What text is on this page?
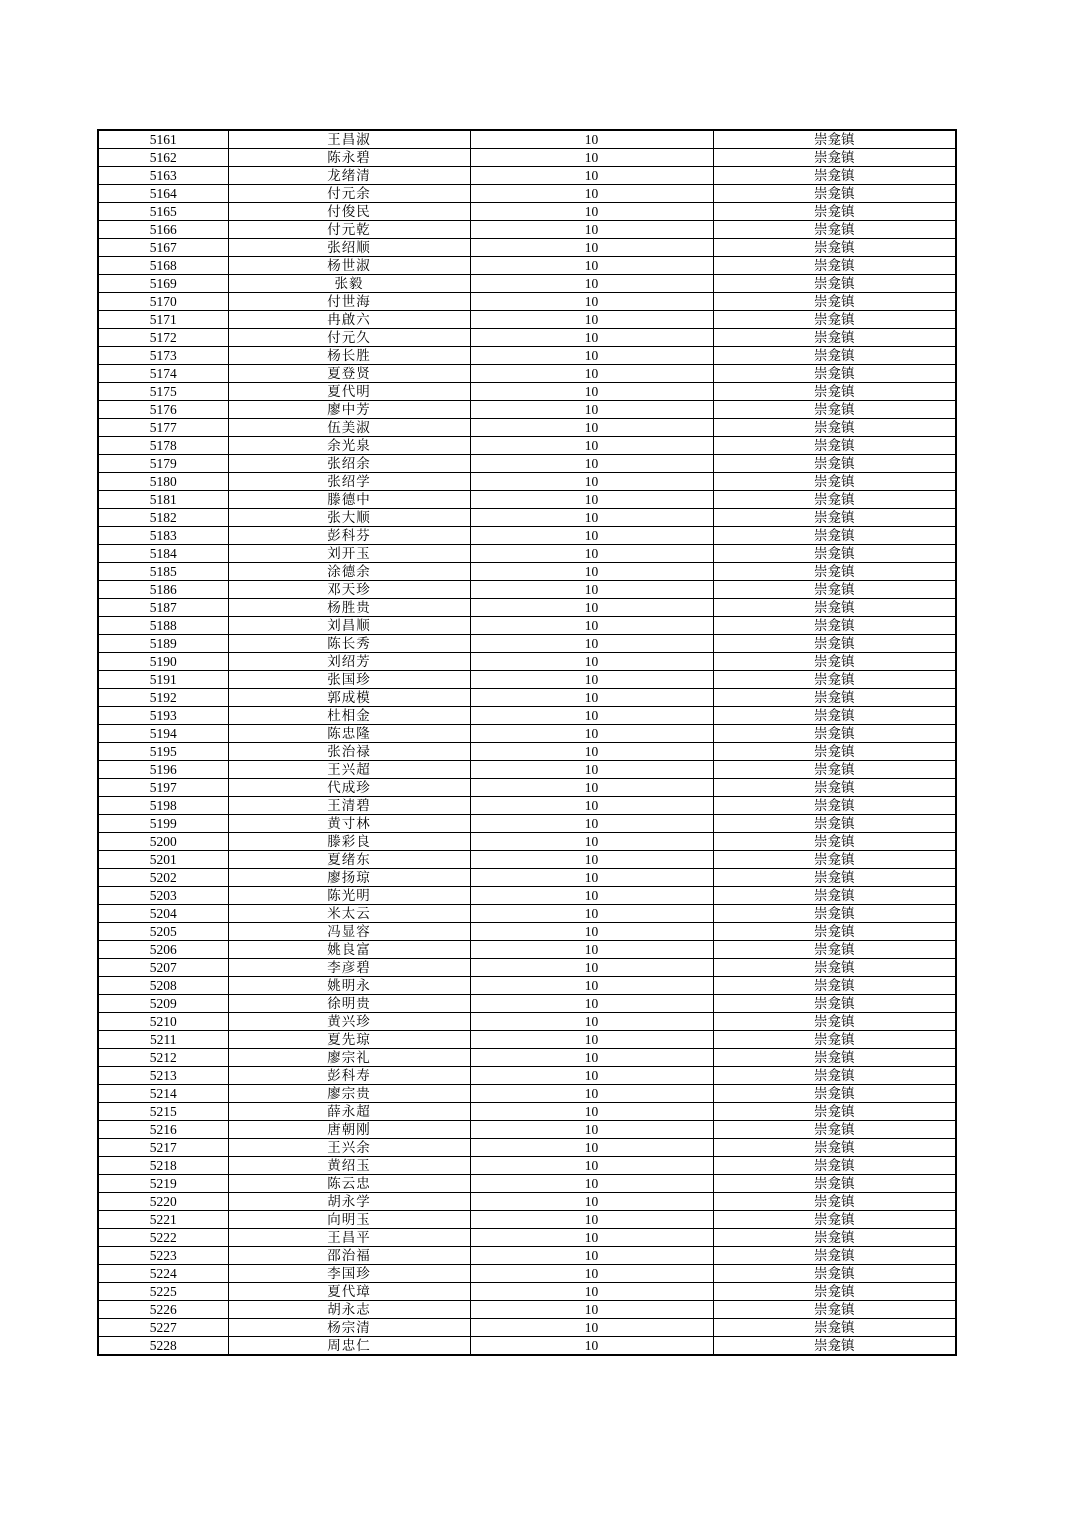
5161	王昌淑	10	崇龛镇
5162	陈永碧	10	崇龛镇
5163	龙绪清	10	崇龛镇
5164	付元余	10	崇龛镇
5165	付俊民	10	崇龛镇
5166	付元乾	10	崇龛镇
5167	张绍顺	10	崇龛镇
5168	杨世淑	10	崇龛镇
5169	张毅	10	崇龛镇
5170	付世海	10	崇龛镇
5171	冉啟六	10	崇龛镇
5172	付元久	10	崇龛镇
5173	杨长胜	10	崇龛镇
5174	夏登贤	10	崇龛镇
5175	夏代明	10	崇龛镇
5176	廖中芳	10	崇龛镇
5177	伍美淑	10	崇龛镇
5178	余光泉	10	崇龛镇
5179	张绍余	10	崇龛镇
5180	张绍学	10	崇龛镇
5181	滕德中	10	崇龛镇
5182	张大顺	10	崇龛镇
5183	彭科芬	10	崇龛镇
5184	刘开玉	10	崇龛镇
5185	涂德余	10	崇龛镇
5186	邓天珍	10	崇龛镇
5187	杨胜贵	10	崇龛镇
5188	刘昌顺	10	崇龛镇
5189	陈长秀	10	崇龛镇
5190	刘绍芳	10	崇龛镇
5191	张国珍	10	崇龛镇
5192	郭成模	10	崇龛镇
5193	杜相金	10	崇龛镇
5194	陈忠隆	10	崇龛镇
5195	张治禄	10	崇龛镇
5196	王兴超	10	崇龛镇
5197	代成珍	10	崇龛镇
5198	王清碧	10	崇龛镇
5199	黄寸林	10	崇龛镇
5200	滕彩良	10	崇龛镇
5201	夏绪东	10	崇龛镇
5202	廖扬琼	10	崇龛镇
5203	陈光明	10	崇龛镇
5204	米太云	10	崇龛镇
5205	冯显容	10	崇龛镇
5206	姚良富	10	崇龛镇
5207	李彦碧	10	崇龛镇
5208	姚明永	10	崇龛镇
5209	徐明贵	10	崇龛镇
5210	黄兴珍	10	崇龛镇
5211	夏先琼	10	崇龛镇
5212	廖宗礼	10	崇龛镇
5213	彭科寿	10	崇龛镇
5214	廖宗贵	10	崇龛镇
5215	薛永超	10	崇龛镇
5216	唐朝刚	10	崇龛镇
5217	王兴余	10	崇龛镇
5218	黄绍玉	10	崇龛镇
5219	陈云忠	10	崇龛镇
5220	胡永学	10	崇龛镇
5221	向明玉	10	崇龛镇
5222	王昌平	10	崇龛镇
5223	邵治福	10	崇龛镇
5224	李国珍	10	崇龛镇
5225	夏代璋	10	崇龛镇
5226	胡永志	10	崇龛镇
5227	杨宗清	10	崇龛镇
5228	周忠仁	10	崇龛镇
